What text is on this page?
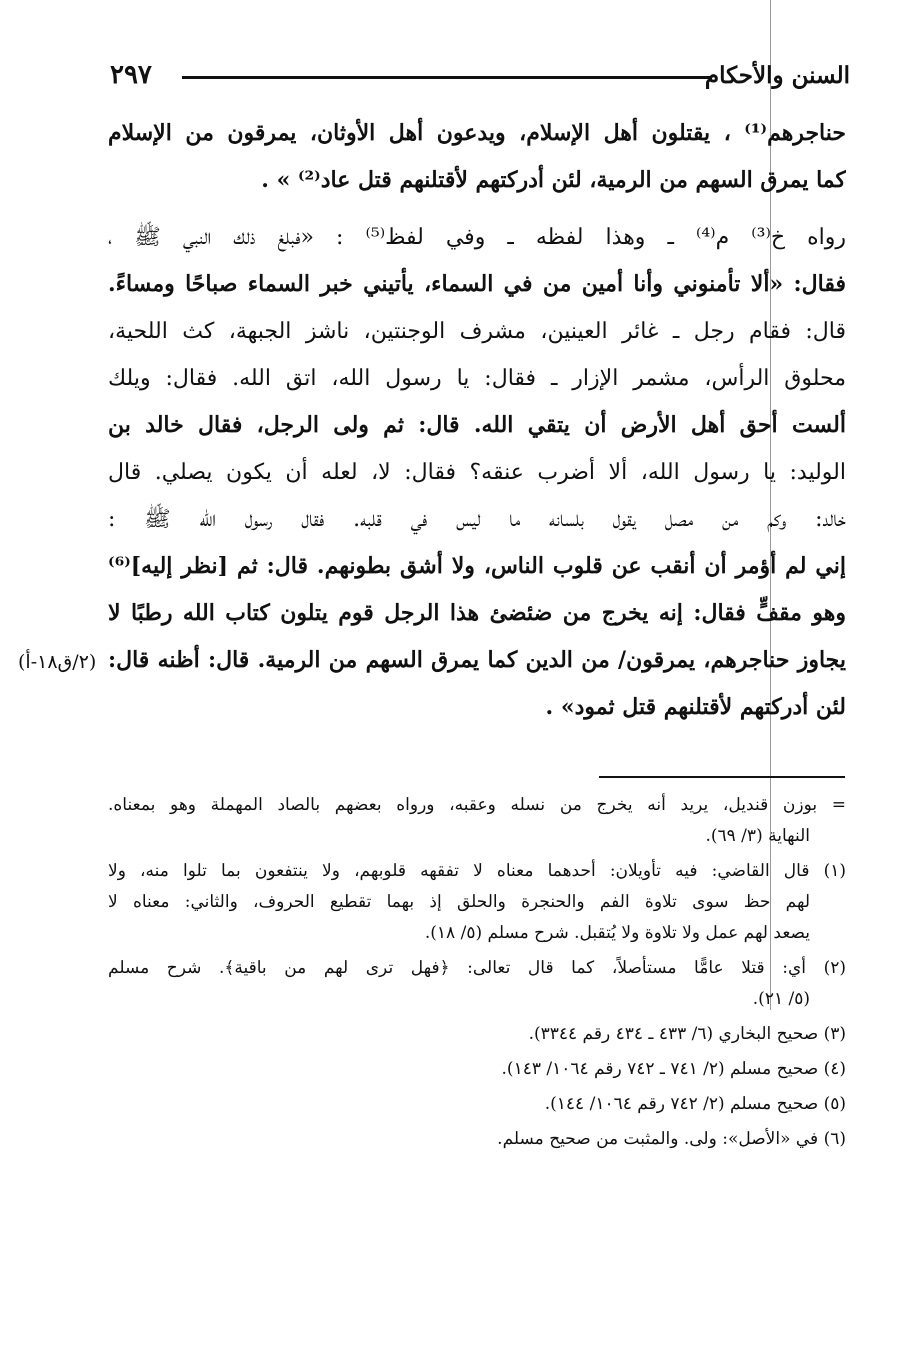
السنن والأحكام
٢٩٧
حناجرهم⁽¹⁾ ، يقتلون أهل الإسلام، ويدعون أهل الأوثان، يمرقون من الإسلام
كما يمرق السهم من الرمية، لئن أدركتهم لأقتلنهم قتل عاد⁽²⁾ » .
رواه خ⁽³⁾ م⁽⁴⁾ ـ وهذا لفظه ـ وفي لفظ⁽⁵⁾ : «فبلغ ذلك النبي ﷺ ،
فقال: «ألا تأمنوني وأنا أمين من في السماء، يأتيني خبر السماء صباحًا ومساءً.
قال: فقام رجل ـ غائر العينين، مشرف الوجنتين، ناشز الجبهة، كث اللحية،
محلوق الرأس، مشمر الإزار ـ فقال: يا رسول الله، اتق الله. فقال: ويلك
ألست أحق أهل الأرض أن يتقي الله. قال: ثم ولى الرجل، فقال خالد بن
الوليد: يا رسول الله، ألا أضرب عنقه؟ فقال: لا، لعله أن يكون يصلي. قال
خالد: وكم من مصل يقول بلسانه ما ليس في قلبه. فقال رسول الله ﷺ :
إني لم أؤمر أن أنقب عن قلوب الناس، ولا أشق بطونهم. قال: ثم [نظر إليه]⁽⁶⁾
وهو مقفٍّ فقال: إنه يخرج من ضئضئ هذا الرجل قوم يتلون كتاب الله رطبًا لا
يجاوز حناجرهم، يمرقون/ من الدين كما يمرق السهم من الرمية. قال: أظنه قال:
لئن أدركتهم لأقتلنهم قتل ثمود» .
(٢/ق١٨-أ)
= بوزن قنديل، يريد أنه يخرج من نسله وعقبه، ورواه بعضهم بالصاد المهملة وهو بمعناه.
النهاية (٣/ ٦٩).
(١) قال القاضي: فيه تأويلان: أحدهما معناه لا تفقهه قلوبهم، ولا ينتفعون بما تلوا منه، ولا
لهم حظ سوى تلاوة الفم والحنجرة والحلق إذ بهما تقطيع الحروف، والثاني: معناه لا
يصعد لهم عمل ولا تلاوة ولا يُتقبل. شرح مسلم (٥/ ١٨).
(٢) أي: قتلا عامًّا مستأصلاً، كما قال تعالى: ﴿فهل ترى لهم من باقية﴾. شرح مسلم
(٥/ ٢١).
(٣) صحيح البخاري (٦/ ٤٣٣ ـ ٤٣٤ رقم ٣٣٤٤).
(٤) صحيح مسلم (٢/ ٧٤١ ـ ٧٤٢ رقم ١٠٦٤/ ١٤٣).
(٥) صحيح مسلم (٢/ ٧٤٢ رقم ١٠٦٤/ ١٤٤).
(٦) في «الأصل»: ولى. والمثبت من صحيح مسلم.
